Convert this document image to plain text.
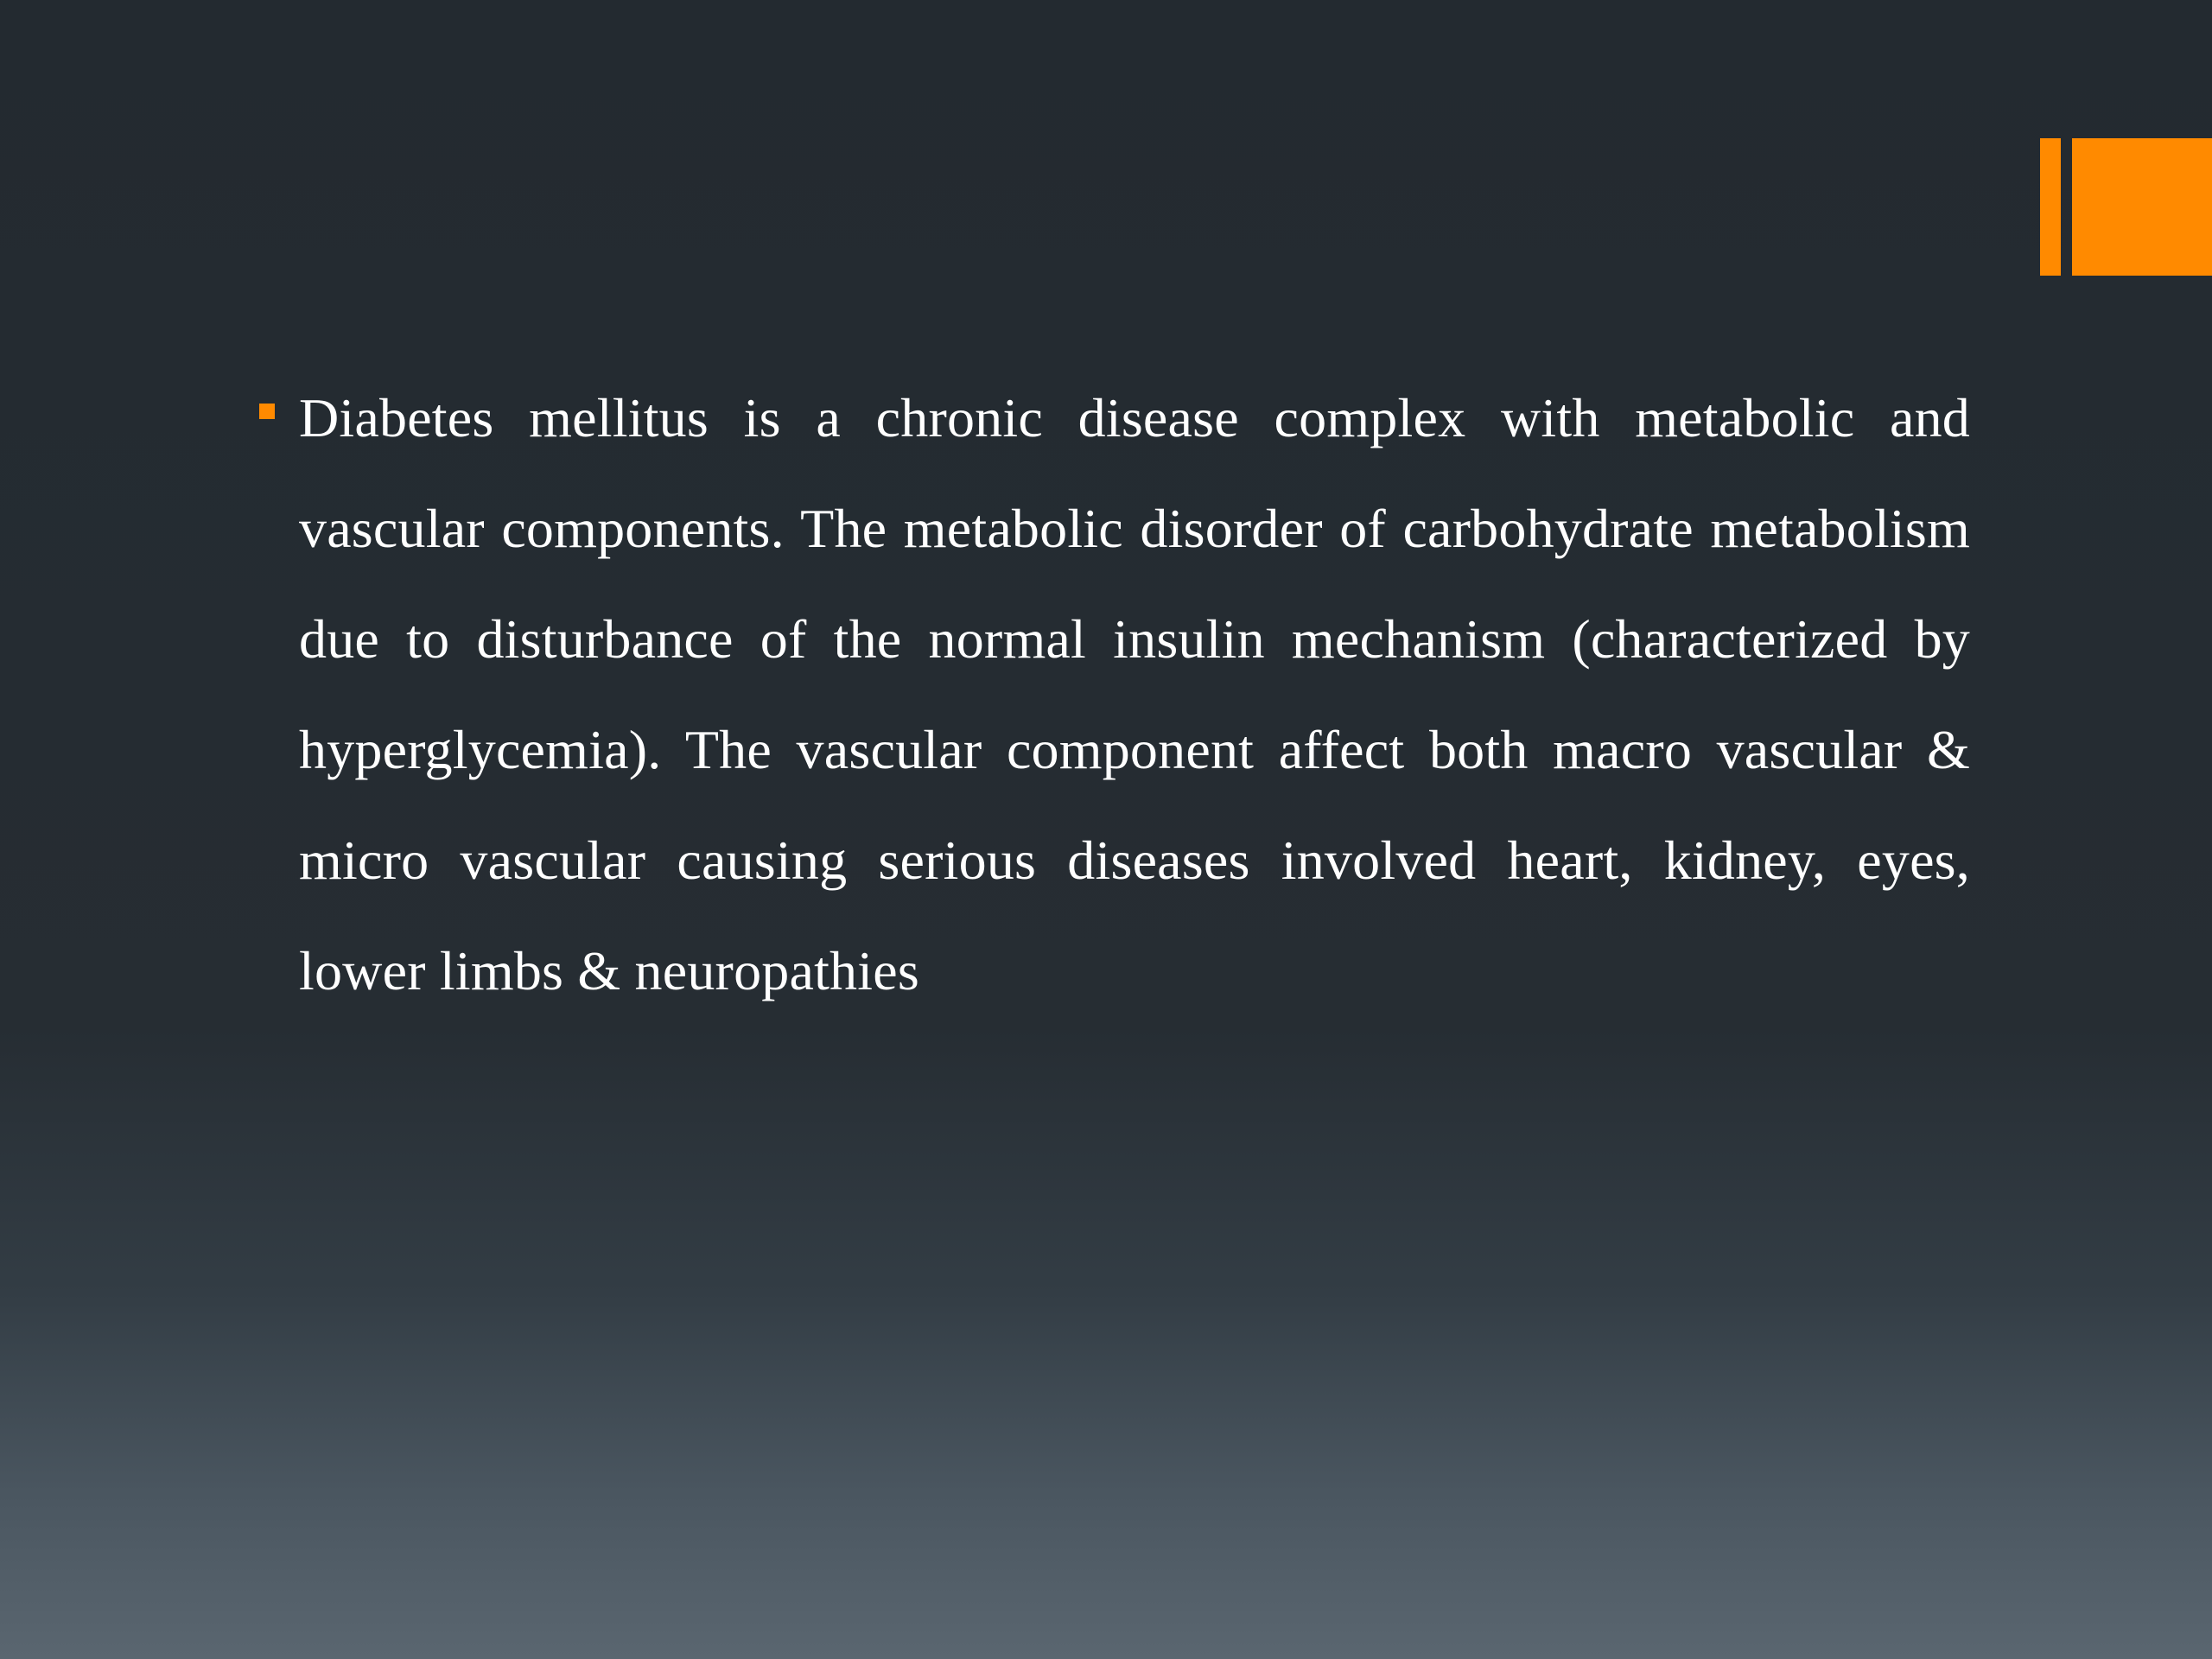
Diabetes mellitus is a chronic disease complex with metabolic and vascular components. The metabolic disorder of carbohydrate metabolism due to disturbance of the normal insulin mechanism (characterized by hyperglycemia). The vascular component affect both macro vascular & micro vascular causing serious diseases involved heart, kidney, eyes, lower limbs & neuropathies
